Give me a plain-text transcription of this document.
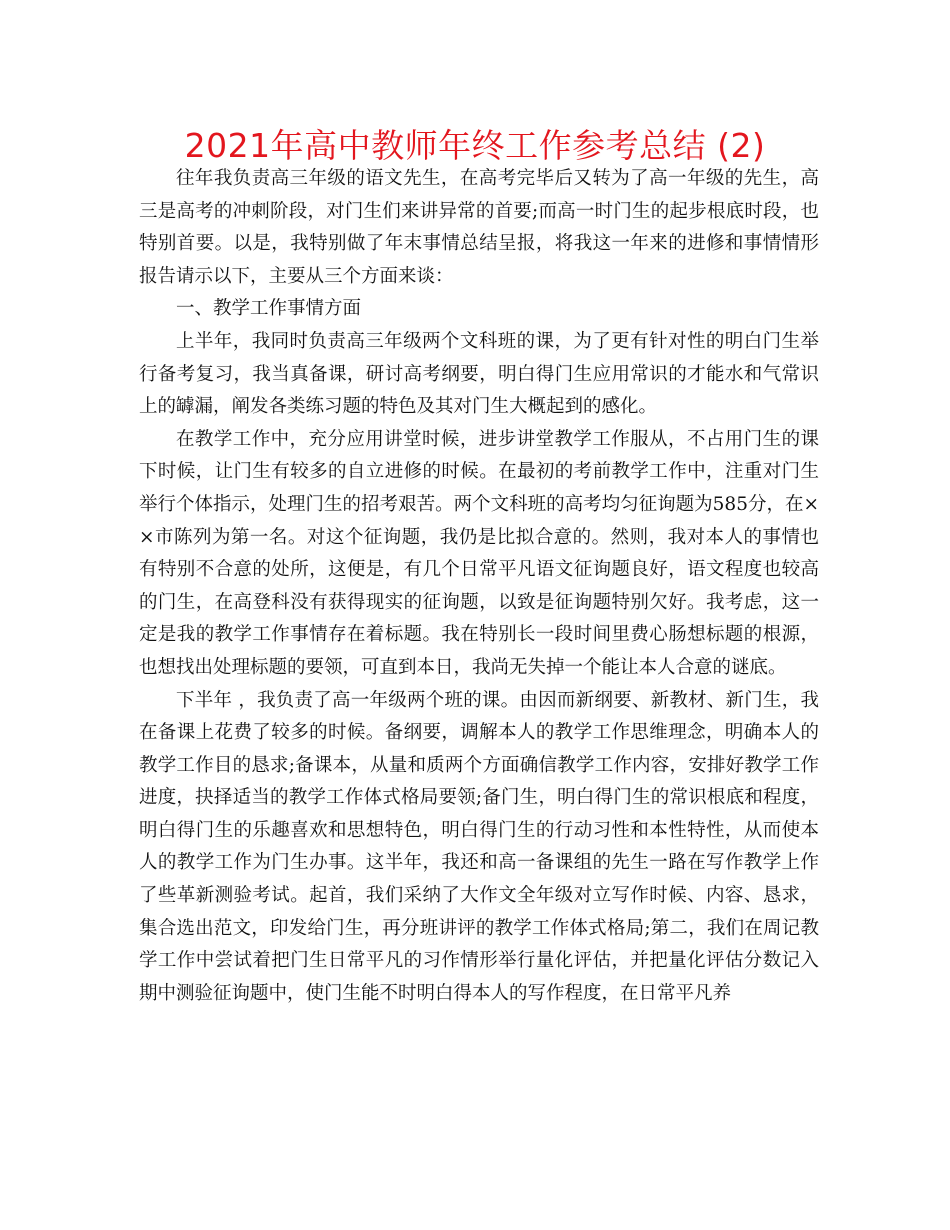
2021年高中教师年终工作参考总结 (2)

往年我负责高三年级的语文先生，在高考完毕后又转为了高一年级的先生，高三是高考的冲刺阶段，对门生们来讲异常的首要;而高一时门生的起步根底时段，也特别首要。以是，我特别做了年末事情总结呈报，将我这一年来的进修和事情情形报告请示以下，主要从三个方面来谈：

一、教学工作事情方面

上半年，我同时负责高三年级两个文科班的课，为了更有针对性的明白门生举行备考复习，我当真备课，研讨高考纲要，明白得门生应用常识的才能水和气常识上的罅漏，阐发各类练习题的特色及其对门生大概起到的感化。

在教学工作中，充分应用讲堂时候，进步讲堂教学工作服从，不占用门生的课下时候，让门生有较多的自立进修的时候。在最初的考前教学工作中，注重对门生举行个体指示，处理门生的招考艰苦。两个文科班的高考均匀征询题为585分，在××市陈列为第一名。对这个征询题，我仍是比拟合意的。然则，我对本人的事情也有特别不合意的处所，这便是，有几个日常平凡语文征询题良好，语文程度也较高的门生，在高登科没有获得现实的征询题，以致是征询题特别欠好。我考虑，这一定是我的教学工作事情存在着标题。我在特别长一段时间里费心肠想标题的根源，也想找出处理标题的要领，可直到本日，我尚无失掉一个能让本人合意的谜底。

下半年 ，我负责了高一年级两个班的课。由因而新纲要、新教材、新门生，我在备课上花费了较多的时候。备纲要，调解本人的教学工作思维理念，明确本人的教学工作目的恳求;备课本，从量和质两个方面确信教学工作内容，安排好教学工作进度，抉择适当的教学工作体式格局要领;备门生，明白得门生的常识根底和程度，明白得门生的乐趣喜欢和思想特色，明白得门生的行动习性和本性特性，从而使本人的教学工作为门生办事。这半年，我还和高一备课组的先生一路在写作教学上作了些革新测验考试。起首，我们采纳了大作文全年级对立写作时候、内容、恳求，集合选出范文，印发给门生，再分班讲评的教学工作体式格局;第二，我们在周记教学工作中尝试着把门生日常平凡的习作情形举行量化评估，并把量化评估分数记入期中测验征询题中，使门生能不时明白得本人的写作程度，在日常平凡养
